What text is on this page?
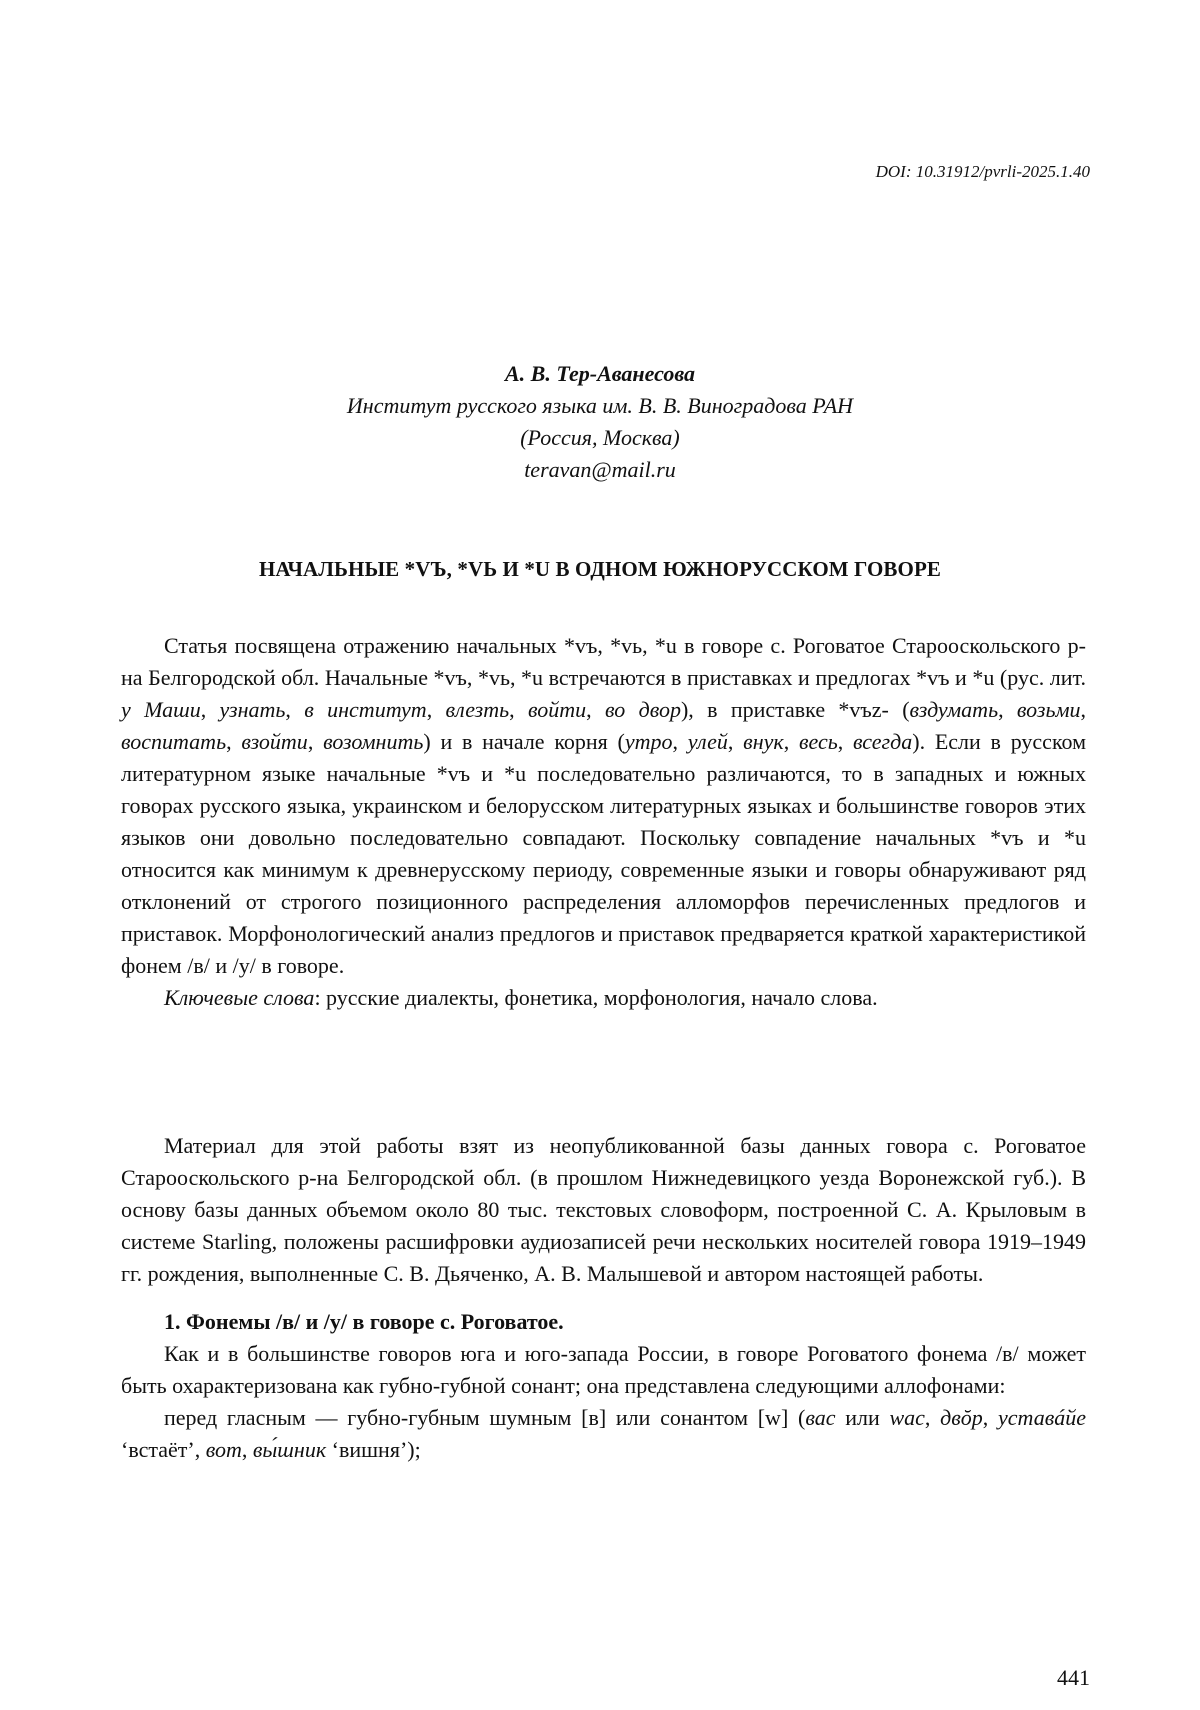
DOI: 10.31912/pvrli-2025.1.40
А. В. Тер-Аванесова
Институт русского языка им. В. В. Виноградова РАН
(Россия, Москва)
teravan@mail.ru
НАЧАЛЬНЫЕ *VЪ, *VЬ И *U В ОДНОМ ЮЖНОРУССКОМ ГОВОРЕ

Статья посвящена отражению начальных *vъ, *vь, *u в говоре с. Роговатое Старооскольского р-на Белгородской обл. Начальные *vъ, *vь, *u встречаются в приставках и предлогах *vъ и *u (рус. лит. у Маши, узнать, в институт, влезть, войти, во двор), в приставке *vъz- (вздумать, возьми, воспитать, взойти, возомнить) и в начале корня (утро, улей, внук, весь, всегда). Если в русском литературном языке начальные *vъ и *u последовательно различаются, то в западных и южных говорах русского языка, украинском и белорусском литературных языках и большинстве говоров этих языков они довольно последовательно совпадают. Поскольку совпадение начальных *vъ и *u относится как минимум к древнерусскому периоду, современные языки и говоры обнаруживают ряд отклонений от строгого позиционного распределения алломорфов перечисленных предлогов и приставок. Морфонологический анализ предлогов и приставок предваряется краткой характеристикой фонем /в/ и /у/ в говоре.

Ключевые слова: русские диалекты, фонетика, морфонология, начало слова.

Материал для этой работы взят из неопубликованной базы данных говора с. Роговатое Старооскольского р-на Белгородской обл. (в прошлом Нижнедевицкого уезда Воронежской губ.). В основу базы данных объемом около 80 тыс. текстовых словоформ, построенной С. А. Крыловым в системе Starling, положены расшифровки аудиозаписей речи нескольких носителей говора 1919–1949 гг. рождения, выполненные С. В. Дьяченко, А. В. Малышевой и автором настоящей работы.

1. Фонемы /в/ и /у/ в говоре с. Роговатое.

Как и в большинстве говоров юга и юго-запада России, в говоре Роговатого фонема /в/ может быть охарактеризована как губно-губной сонант; она представлена следующими аллофонами:

перед гласным — губно-губным шумным [в] или сонантом [w] (вас или wас, двŏр, уставáйе ‘встаёт’, вот, вы́шник ‘вишня’);

441
